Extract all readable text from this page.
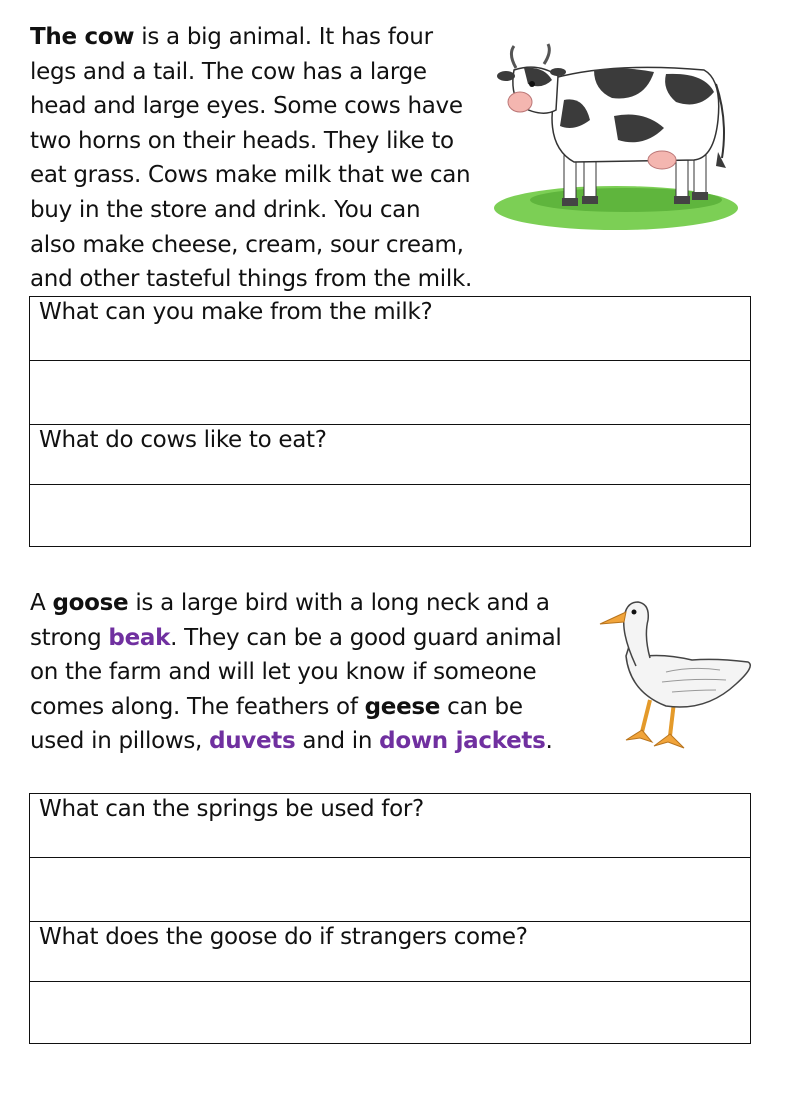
The cow is a big animal. It has four
legs and a tail. The cow has a large
head and large eyes. Some cows have
two horns on their heads. They like to
eat grass. Cows make milk that we can
buy in the store and drink. You can
also make cheese, cream, sour cream,
and other tasteful things from the milk.
What can you make from the milk?

What do cows like to eat?

A goose is a large bird with a long neck and a
strong beak. They can be a good guard animal
on the farm and will let you know if someone
comes along. The feathers of geese can be
used in pillows, duvets and in down jackets.
What can the springs be used for?

What does the goose do if strangers come?
